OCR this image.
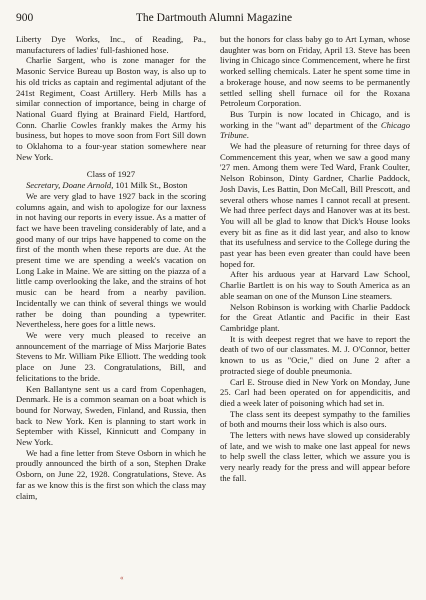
900	The Dartmouth Alumni Magazine

Liberty Dye Works, Inc., of Reading, Pa., manufacturers of ladies' full-fashioned hose.

Charlie Sargent, who is zone manager for the Masonic Service Bureau up Boston way, is also up to his old tricks as captain and regimental adjutant of the 241st Regiment, Coast Artillery. Herb Mills has a similar connection of importance, being in charge of National Guard flying at Brainard Field, Hartford, Conn. Charlie Cowles frankly makes the Army his business, but hopes to move soon from Fort Sill down to Oklahoma to a four-year station somewhere near New York.

Class of 1927

Secretary, Doane Arnold, 101 Milk St., Boston

We are very glad to have 1927 back in the scoring columns again, and wish to apologize for our laxness in not having our reports in every issue. As a matter of fact we have been traveling considerably of late, and a good many of our trips have happened to come on the first of the month when these reports are due. At the present time we are spending a week's vacation on Long Lake in Maine. We are sitting on the piazza of a little camp overlooking the lake, and the strains of hot music can be heard from a nearby pavilion. Incidentally we can think of several things we would rather be doing than pounding a typewriter. Nevertheless, here goes for a little news.

We were very much pleased to receive an announcement of the marriage of Miss Marjorie Bates Stevens to Mr. William Pike Elliott. The wedding took place on June 23. Congratulations, Bill, and felicitations to the bride.

Ken Ballantyne sent us a card from Copenhagen, Denmark. He is a common seaman on a boat which is bound for Norway, Sweden, Finland, and Russia, then back to New York. Ken is planning to start work in September with Kissel, Kinnicutt and Company in New York.

We had a fine letter from Steve Osborn in which he proudly announced the birth of a son, Stephen Drake Osborn, on June 22, 1928. Congratulations, Steve. As far as we know this is the first son which the class may claim,

but the honors for class baby go to Art Lyman, whose daughter was born on Friday, April 13. Steve has been living in Chicago since Commencement, where he first worked selling chemicals. Later he spent some time in a brokerage house, and now seems to be permanently settled selling shell furnace oil for the Roxana Petroleum Corporation.

Bus Turpin is now located in Chicago, and is working in the "want ad" department of the Chicago Tribune.

We had the pleasure of returning for three days of Commencement this year, when we saw a good many '27 men. Among them were Ted Ward, Frank Coulter, Nelson Robinson, Dinty Gardner, Charlie Paddock, Josh Davis, Les Battin, Don McCall, Bill Prescott, and several others whose names I cannot recall at present. We had three perfect days and Hanover was at its best. You will all be glad to know that Dick's House looks every bit as fine as it did last year, and also to know that its usefulness and service to the College during the past year has been even greater than could have been hoped for.

After his arduous year at Harvard Law School, Charlie Bartlett is on his way to South America as an able seaman on one of the Munson Line steamers.

Nelson Robinson is working with Charlie Paddock for the Great Atlantic and Pacific in their East Cambridge plant.

It is with deepest regret that we have to report the death of two of our classmates. M. J. O'Connor, better known to us as "Ocie," died on June 2 after a protracted siege of double pneumonia.

Carl E. Strouse died in New York on Monday, June 25. Carl had been operated on for appendicitis, and died a week later of poisoning which had set in.

The class sent its deepest sympathy to the families of both and mourns their loss which is also ours.

The letters with news have slowed up considerably of late, and we wish to make one last appeal for news to help swell the class letter, which we assure you is very nearly ready for the press and will appear before the fall.

«
